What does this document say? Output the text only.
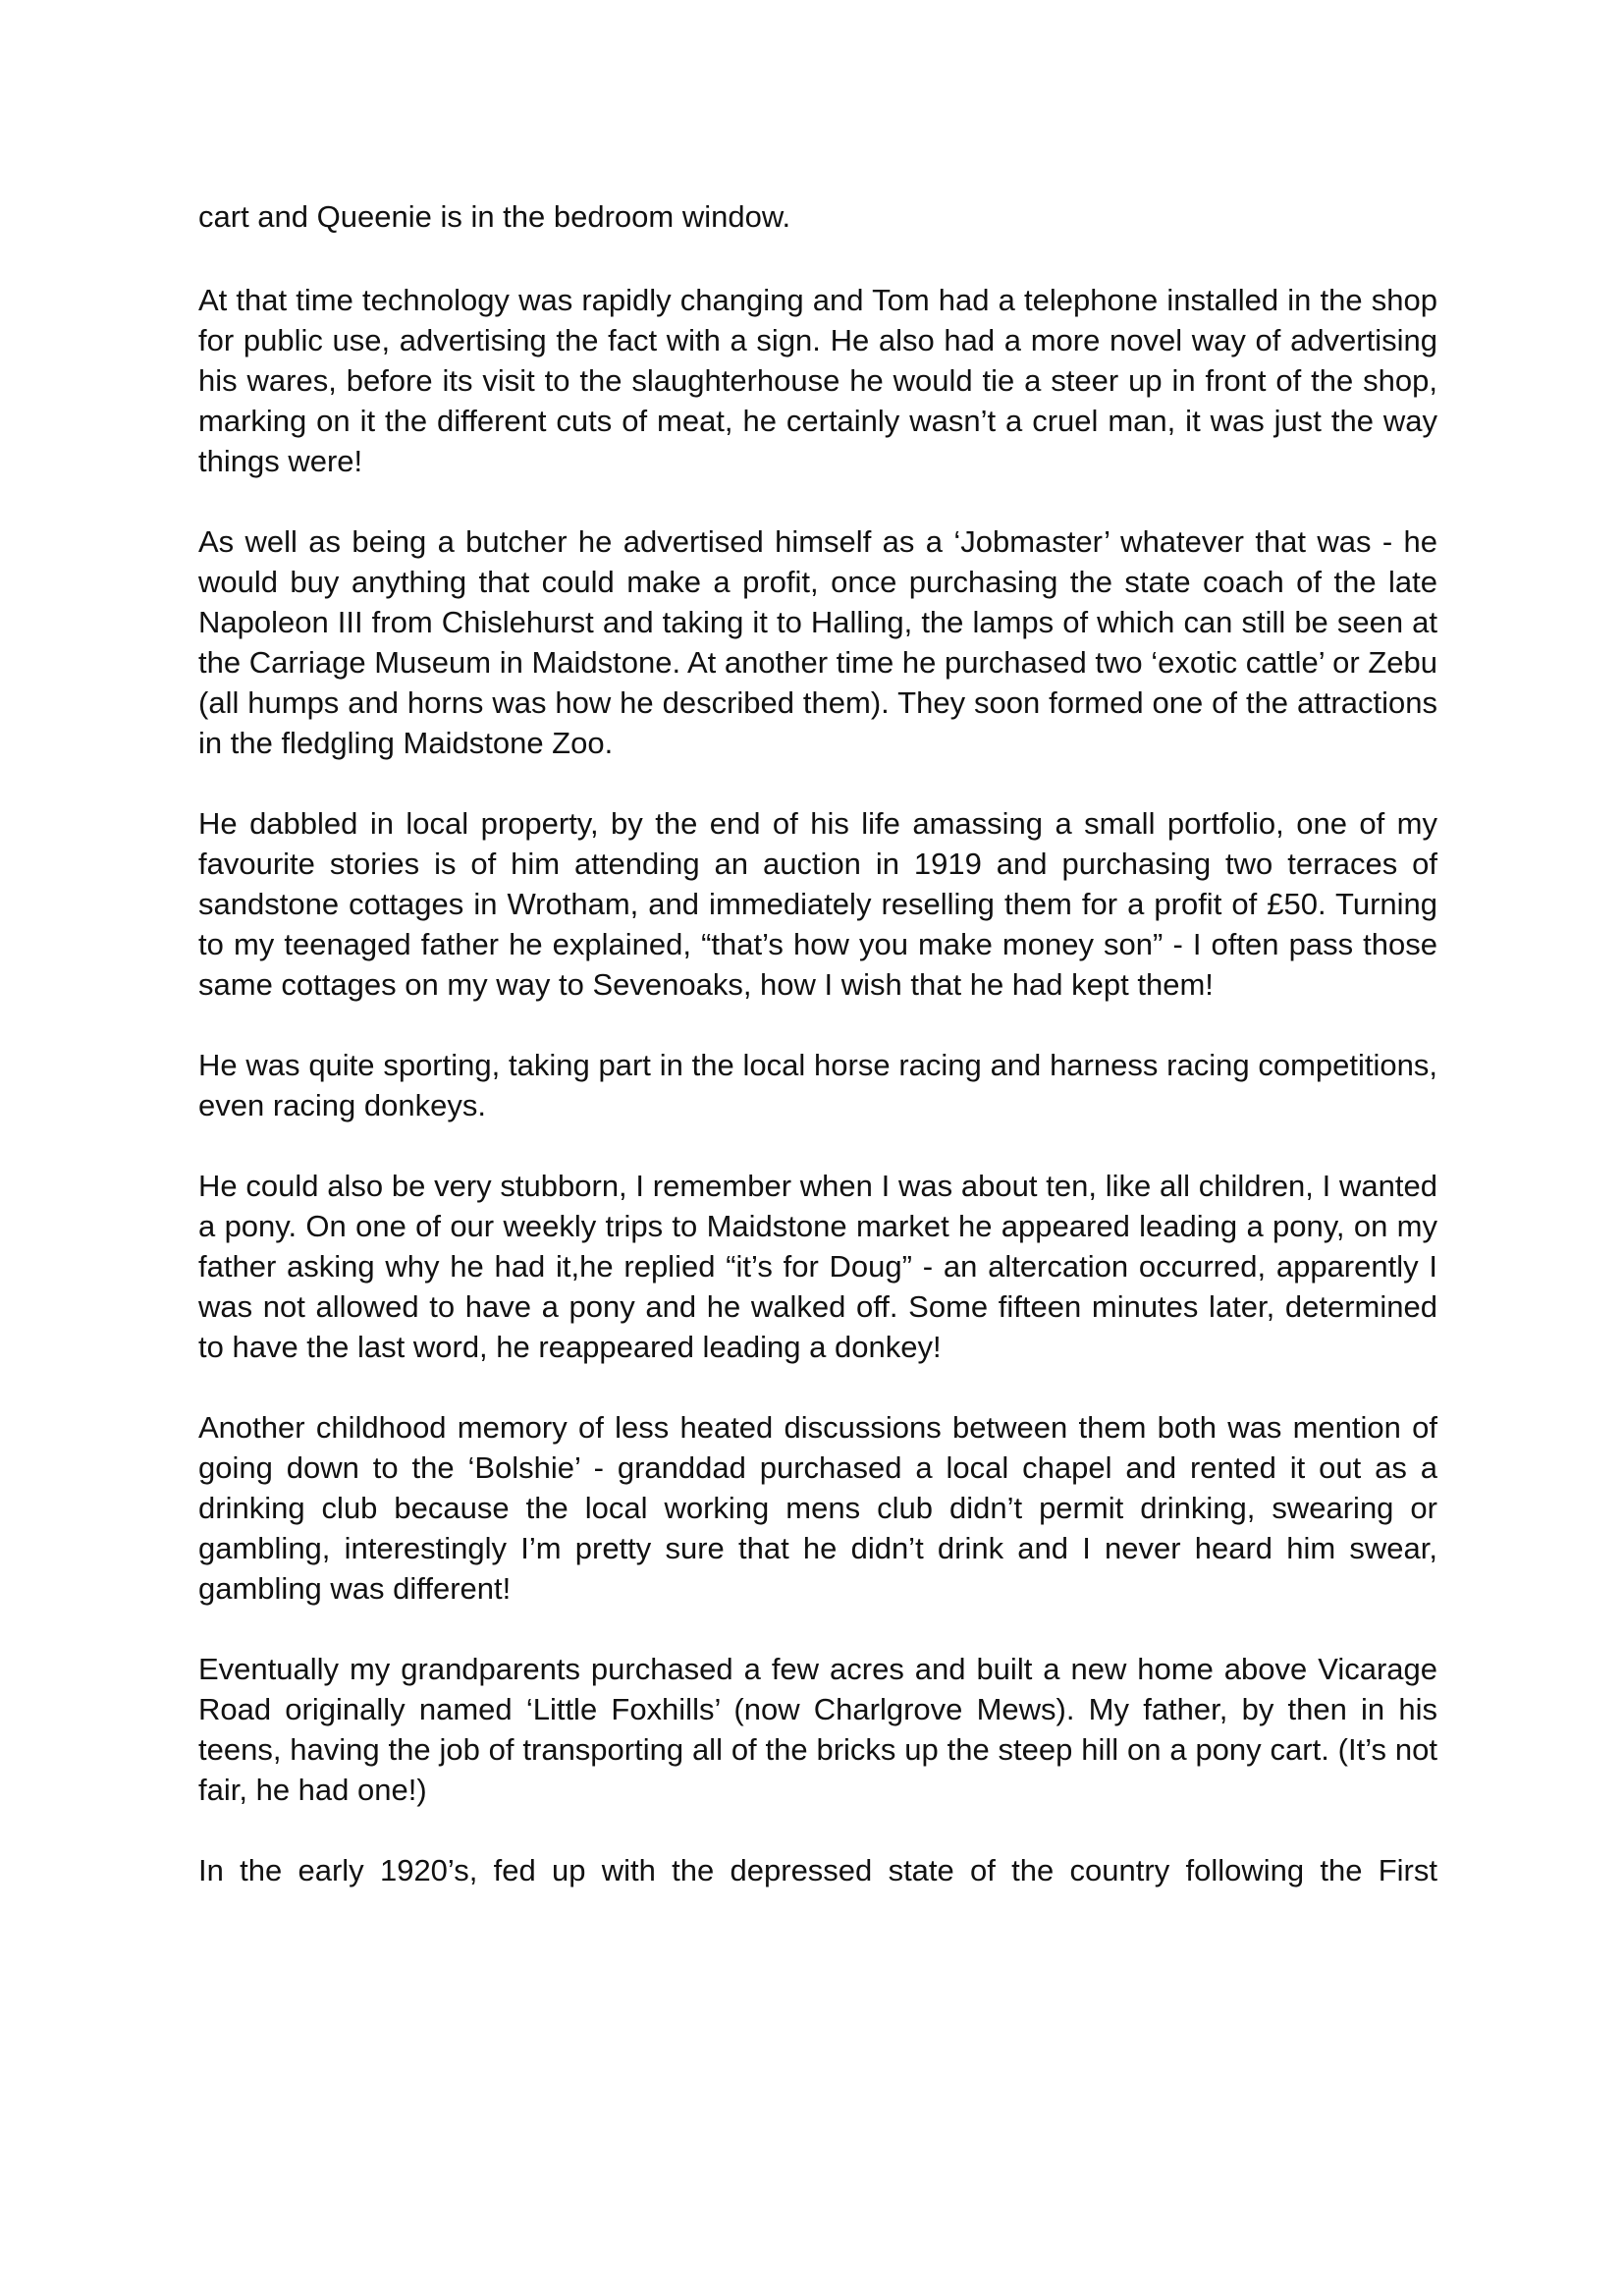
cart and Queenie is in the bedroom window.

At that time technology was rapidly changing and Tom had a telephone installed in the shop for public use, advertising the fact with a sign. He also had a more novel way of advertising his wares, before its visit to the slaughterhouse he would tie a steer up in front of the shop, marking on it the different cuts of meat, he certainly wasn’t a cruel man, it was just the way things were!

As well as being a butcher he advertised himself as a ‘Jobmaster’ whatever that was - he would buy anything that could make a profit, once purchasing the state coach of the late Napoleon III from Chislehurst and taking it to Halling, the lamps of which can still be seen at the Carriage Museum in Maidstone. At another time he purchased two ‘exotic cattle’ or Zebu (all humps and horns was how he described them). They soon formed one of the attractions in the fledgling Maidstone Zoo.

He dabbled in local property, by the end of his life amassing a small portfolio, one of my favourite stories is of him attending an auction in 1919 and purchasing two terraces of sandstone cottages in Wrotham, and immediately reselling them for a profit of £50. Turning to my teenaged father he explained, “that’s how you make money son” - I often pass those same cottages on my way to Sevenoaks, how I wish that he had kept them!

He was quite sporting, taking part in the local horse racing and harness racing competitions, even racing donkeys.

He could also be very stubborn, I remember when I was about ten, like all children, I wanted a pony. On one of our weekly trips to Maidstone market he appeared leading a pony, on my father asking why he had it,he replied “it’s for Doug” - an altercation occurred, apparently I was not allowed to have a pony and he walked off. Some fifteen minutes later, determined to have the last word, he reappeared leading a donkey!

Another childhood memory of less heated discussions between them both was mention of going down to the ‘Bolshie’ - granddad purchased a local chapel and rented it out as a drinking club because the local working mens club didn’t permit drinking, swearing or gambling, interestingly I’m pretty sure that he didn’t drink and I never heard him swear, gambling was different!

Eventually my grandparents purchased a few acres and built a new home above Vicarage Road originally named ‘Little Foxhills’ (now Charlgrove Mews). My father, by then in his teens, having the job of transporting all of the bricks up the steep hill on a pony cart. (It’s not fair, he had one!)

In the early 1920’s, fed up with the depressed state of the country following the First
